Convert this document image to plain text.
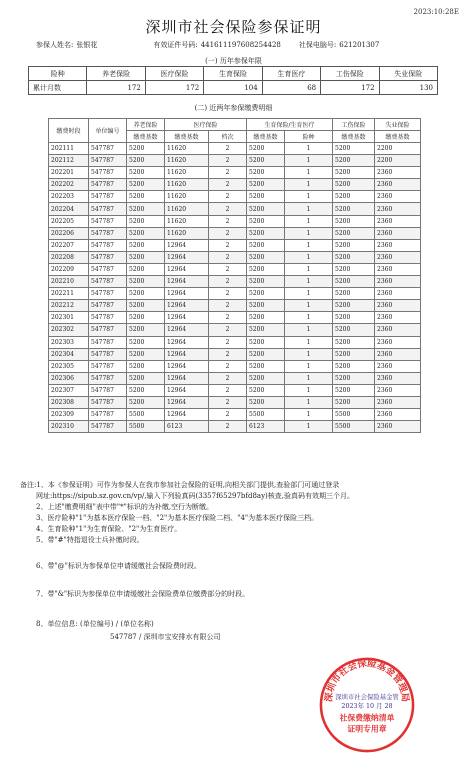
2023:10:28E
深圳市社会保险参保证明
参保人姓名: 张银花	有效证件号码: 441611197608254428	社保电脑号: 621201307
(一) 历年参保年限
险种	养老保险	医疗保险	生育保险	生育医疗	工伤保险	失业保险
累计月数	172	172	104	68	172	130
(二) 近两年参保缴费明细
缴费时段	单位编号	养老保险	医疗保险		生育保险/生育医疗		工伤保险	失业保险
		缴费基数	缴费基数	档次	缴费基数	险种	缴费基数	缴费基数
202111	547787	5200	11620	2	5200	1	5200	2200
202112	547787	5200	11620	2	5200	1	5200	2200
202201	547787	5200	11620	2	5200	1	5200	2360
202202	547787	5200	11620	2	5200	1	5200	2360
202203	547787	5200	11620	2	5200	1	5200	2360
202204	547787	5200	11620	2	5200	1	5200	2360
202205	547787	5200	11620	2	5200	1	5200	2360
202206	547787	5200	11620	2	5200	1	5200	2360
202207	547787	5200	12964	2	5200	1	5200	2360
202208	547787	5200	12964	2	5200	1	5200	2360
202209	547787	5200	12964	2	5200	1	5200	2360
202210	547787	5200	12964	2	5200	1	5200	2360
202211	547787	5200	12964	2	5200	1	5200	2360
202212	547787	5200	12964	2	5200	1	5200	2360
202301	547787	5200	12964	2	5200	1	5200	2360
202302	547787	5200	12964	2	5200	1	5200	2360
202303	547787	5200	12964	2	5200	1	5200	2360
202304	547787	5200	12964	2	5200	1	5200	2360
202305	547787	5200	12964	2	5200	1	5200	2360
202306	547787	5200	12964	2	5200	1	5200	2360
202307	547787	5200	12964	2	5200	1	5200	2360
202308	547787	5200	12964	2	5200	1	5200	2360
202309	547787	5500	12964	2	5500	1	5500	2360
202310	547787	5500	6123	2	6123	1	5500	2360

备注:1、本《参保证明》可作为参保人在我市参加社会保险的证明,向相关部门提供,查验部门可通过登录

网址:https://sipub.sz.gov.cn/vp/,输入下列验真码(3357f65297bfd8ay)核查,验真码有效期三个月。

2、上述"缴费明细"表中带"*"标识的为补缴,空行为断缴。

3、医疗险种"1"为基本医疗保险一档、"2"为基本医疗保险二档、"4"为基本医疗保险三档。

4、生育险种"1"为生育保险、"2"为生育医疗。

5、带"#"特指退役士兵补缴时段。

6、带"@"标识为参保单位申请缓缴社会保险费时段。
7、带"&"标识为参保单位申请缓缴社会保险费单位缴费部分的时段。
8、单位信息: (单位编号) / (单位名称)
547787 / 深圳市宝安排水有限公司
深圳市社会保险基金管理局
深圳市社会保险基金管
2023年 10 月 28
社保费缴纳清单
证明专用章
